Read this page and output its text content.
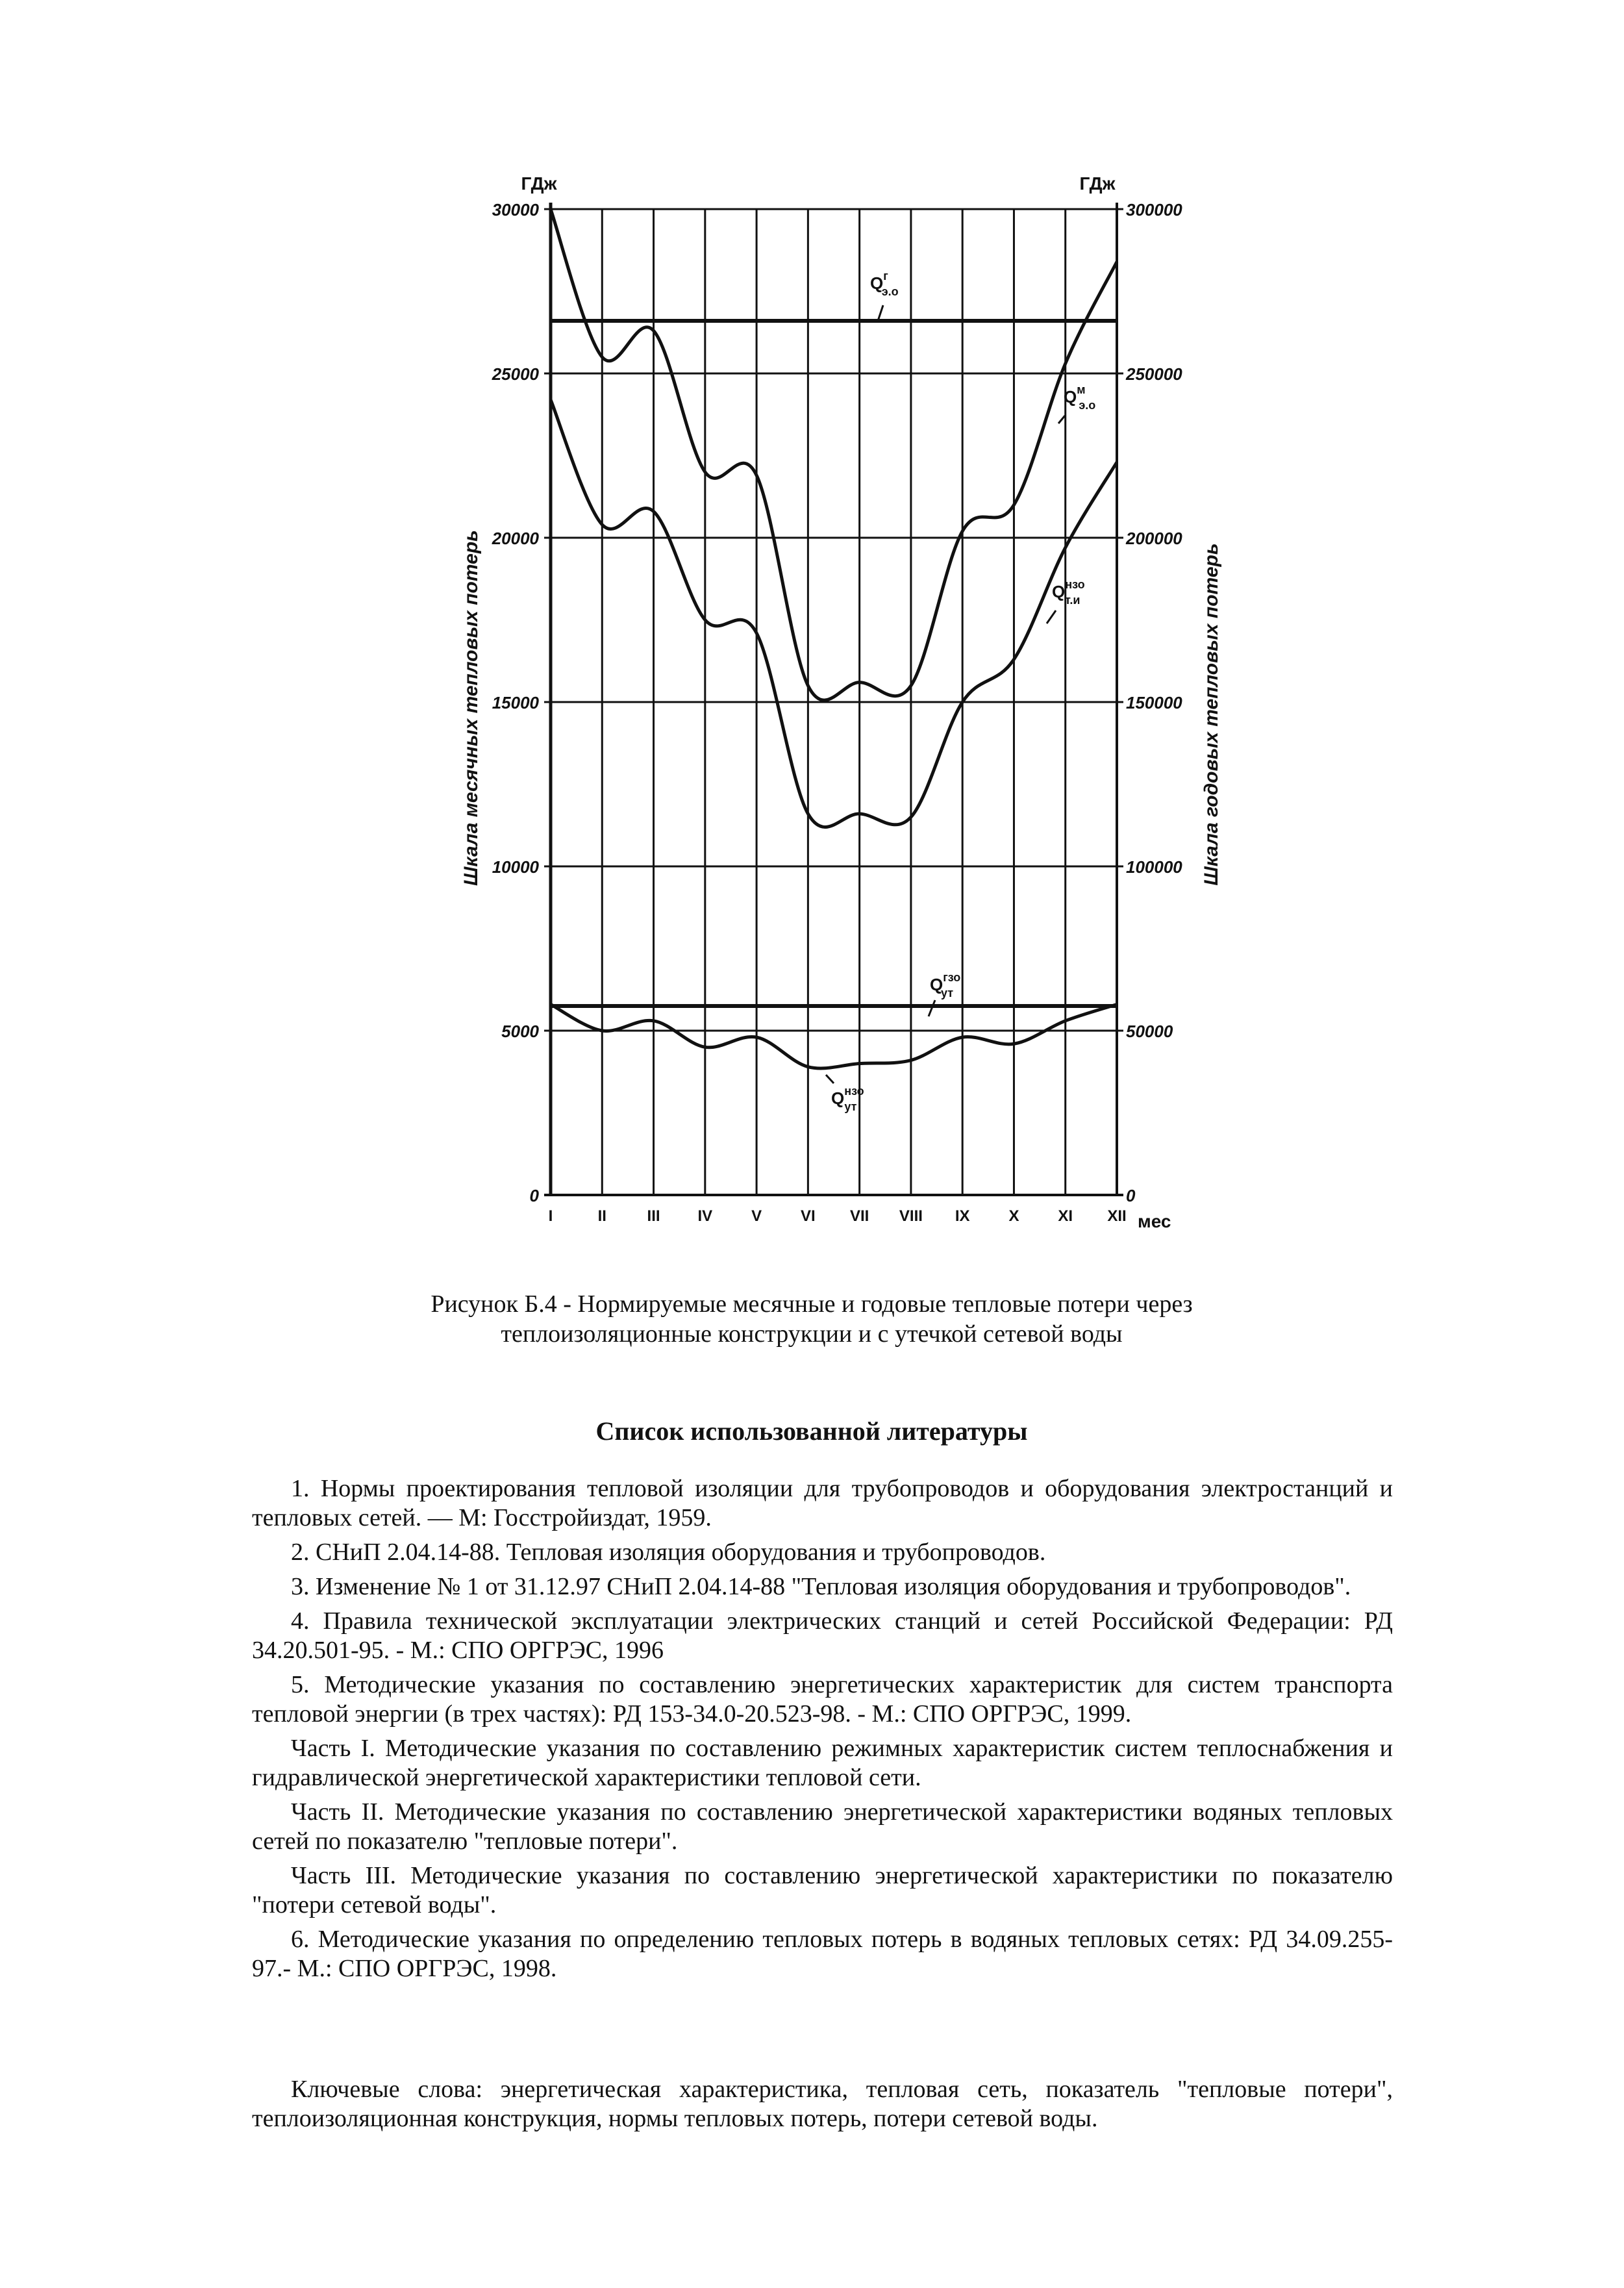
I	II	III IV V VI VII VIII IX X XI XII
0
5000
10000
15000
20000
25000
30000
0
50000
100000
150000
200000
250000
300000
$Q^г$ э.о
$Q^м$ э.о
$Q^{нзо}$ т.и
$Q^{гзо}$ ут
$Q^{нзо}$ ут
ГДж	ГДж
Шкала месячных тепловых потерь	Шкала годовых тепловых потерь
мес
Рисунок Б.4 - Нормируемые месячные и годовые тепловые потери через
теплоизоляционные конструкции и с утечкой сетевой воды
Список использованной литературы

1. Нормы проектирования тепловой изоляции для трубопроводов и оборудования электростанций и тепловых сетей. — М: Госстройиздат, 1959.

2. СНиП 2.04.14-88. Тепловая изоляция оборудования и трубопроводов.

3. Изменение № 1 от 31.12.97 СНиП 2.04.14-88 "Тепловая изоляция оборудования и трубопроводов".

4. Правила технической эксплуатации электрических станций и сетей Российской Федерации: РД 34.20.501-95. - М.: СПО ОРГРЭС, 1996

5. Методические указания по составлению энергетических характеристик для систем транспорта тепловой энергии (в трех частях): РД 153-34.0-20.523-98. - М.: СПО ОРГРЭС, 1999.

Часть I. Методические указания по составлению режимных характеристик систем теплоснабжения и гидравлической энергетической характеристики тепловой сети.

Часть II. Методические указания по составлению энергетической характеристики водяных тепловых сетей по показателю "тепловые потери".

Часть III. Методические указания по составлению энергетической характеристики по показателю "потери сетевой воды".

6. Методические указания по определению тепловых потерь в водяных тепловых сетях: РД 34.09.255-97.- М.: СПО ОРГРЭС, 1998.

Ключевые слова: энергетическая характеристика, тепловая сеть, показатель "тепловые потери", теплоизоляционная конструкция, нормы тепловых потерь, потери сетевой воды.
